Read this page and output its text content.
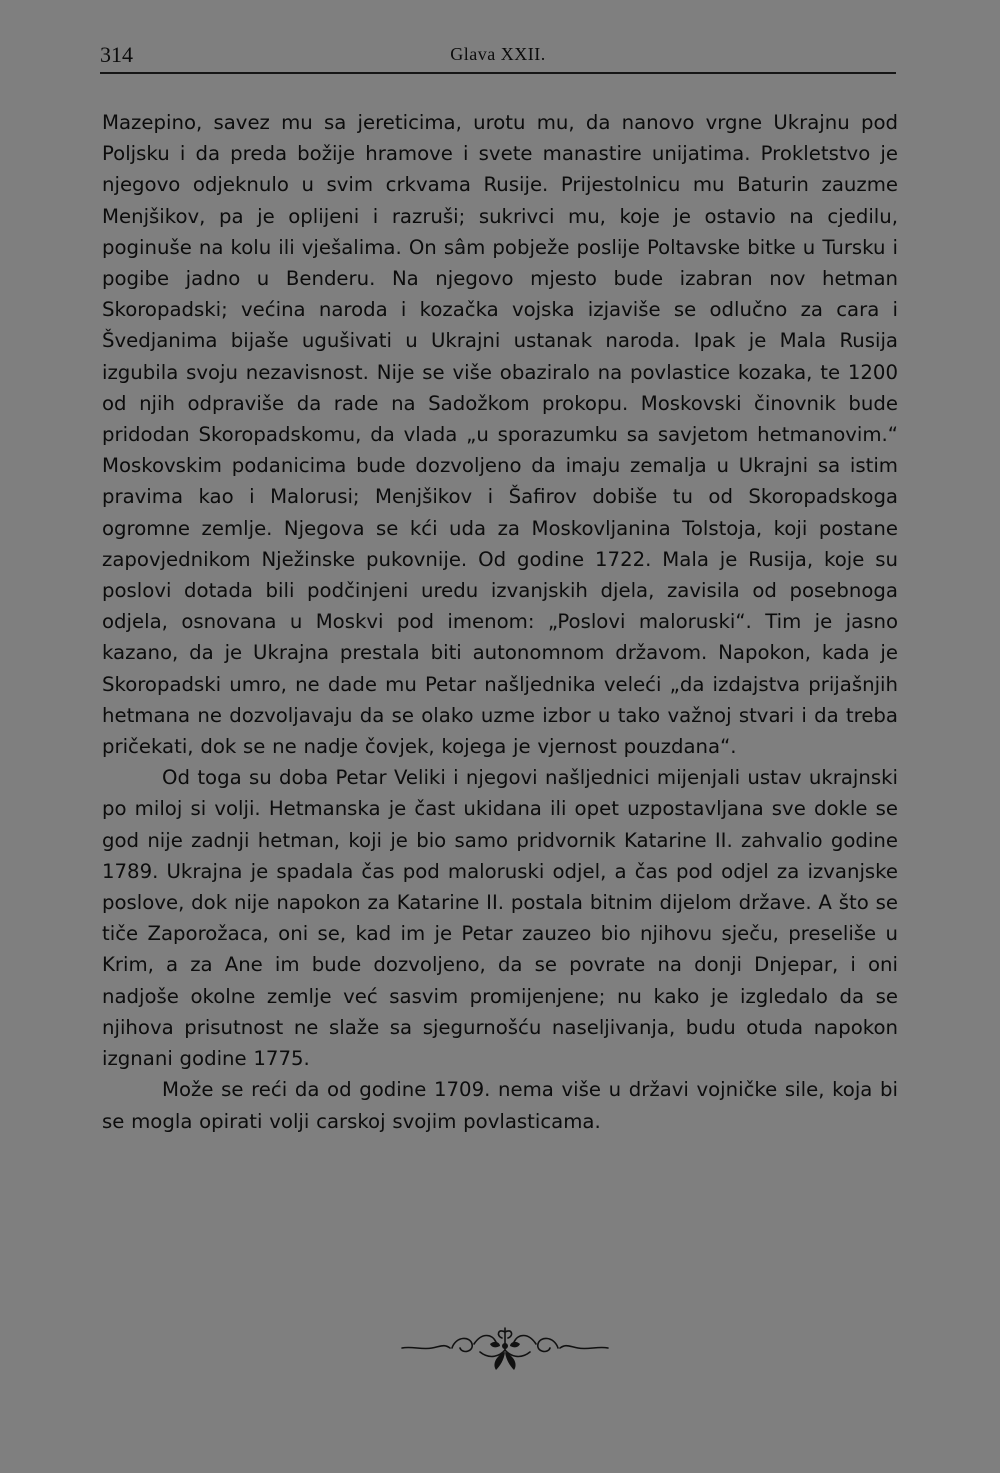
314	Glava XXII.

Mazepino, savez mu sa jereticima, urotu mu, da nanovo vrgne Ukrajnu pod Poljsku i da preda božije hramove i svete manastire unijatima. Prokletstvo je njegovo odjeknulo u svim crkvama Rusije. Prijestolnicu mu Baturin zauzme Menjšikov, pa je oplijeni i razruši; sukrivci mu, koje je ostavio na cjedilu, poginuše na kolu ili vješalima. On sâm pobježe poslije Poltavske bitke u Tursku i pogibe jadno u Benderu. Na njegovo mjesto bude izabran nov hetman Skoropadski; većina naroda i kozačka vojska izjaviše se odlučno za cara i Švedjanima bijaše ugušivati u Ukrajni ustanak naroda. Ipak je Mala Rusija izgubila svoju nezavisnost. Nije se više obaziralo na povlastice kozaka, te 1200 od njih odpraviše da rade na Sadožkom prokopu. Moskovski činovnik bude pridodan Skoropadskomu, da vlada „u sporazumku sa savjetom hetmanovim.“ Moskovskim podanicima bude dozvoljeno da imaju zemalja u Ukrajni sa istim pravima kao i Malorusi; Menjšikov i Šafirov dobiše tu od Skoropadskoga ogromne zemlje. Njegova se kći uda za Moskovljanina Tolstoja, koji postane zapovjednikom Nježinske pukovnije. Od godine 1722. Mala je Rusija, koje su poslovi dotada bili podčinjeni uredu izvanjskih djela, zavisila od posebnoga odjela, osnovana u Moskvi pod imenom: „Poslovi maloruski“. Tim je jasno kazano, da je Ukrajna prestala biti autonomnom državom. Napokon, kada je Skoropadski umro, ne dade mu Petar našljednika veleći „da izdajstva prijašnjih hetmana ne dozvoljavaju da se olako uzme izbor u tako važnoj stvari i da treba pričekati, dok se ne nadje čovjek, kojega je vjernost pouzdana“.

Od toga su doba Petar Veliki i njegovi našljednici mijenjali ustav ukrajnski po miloj si volji. Hetmanska je čast ukidana ili opet uzpostavljana sve dokle se god nije zadnji hetman, koji je bio samo pridvornik Katarine II. zahvalio godine 1789. Ukrajna je spadala čas pod maloruski odjel, a čas pod odjel za izvanjske poslove, dok nije napokon za Katarine II. postala bitnim dijelom države. A što se tiče Zaporožaca, oni se, kad im je Petar zauzeo bio njihovu sječu, preseliše u Krim, a za Ane im bude dozvoljeno, da se povrate na donji Dnjepar, i oni nadjoše okolne zemlje već sasvim promijenjene; nu kako je izgledalo da se njihova prisutnost ne slaže sa sjegurnošću naseljivanja, budu otuda napokon izgnani godine 1775.

Može se reći da od godine 1709. nema više u državi vojničke sile, koja bi se mogla opirati volji carskoj svojim povlasticama.
